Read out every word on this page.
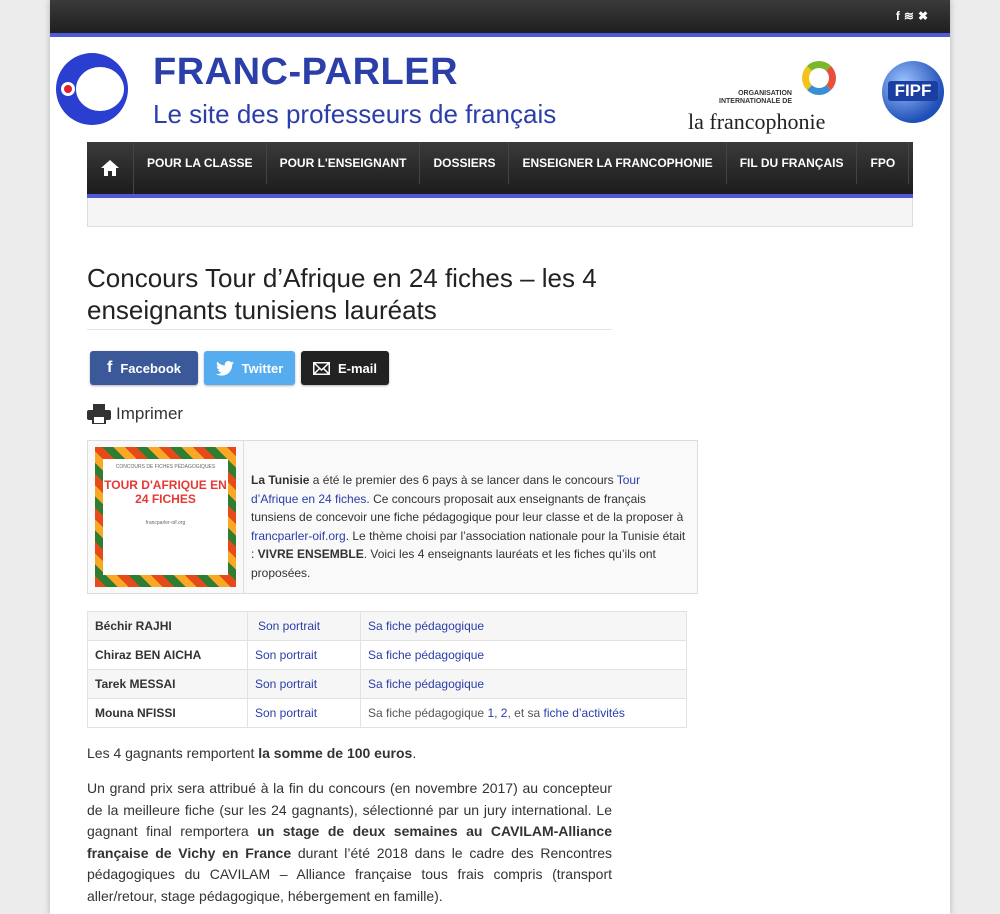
f≋✖
FRANC-PARLER
Le site des professeurs de français
ORGANISATION
INTERNATIONALE DE
la francophonie
FIPF
POUR LA CLASSE	POUR L'ENSEIGNANT	DOSSIERS	ENSEIGNER LA FRANCOPHONIE	FIL DU FRANÇAIS	FPO
Concours Tour d’Afrique en 24 fiches – les 4 enseignants tunisiens lauréats
f Facebook	Twitter	E-mail
Imprimer
CONCOURS DE FICHES PÉDAGOGIQUES
TOUR D'AFRIQUE EN 24 FICHES
francparler-oif.org
La Tunisie a été le premier des 6 pays à se lancer dans le concours Tour d’Afrique en 24 fiches. Ce concours proposait aux enseignants de français tunsiens de concevoir une fiche pédagogique pour leur classe et de la proposer à francparler-oif.org. Le thème choisi par l’association nationale pour la Tunisie était : VIVRE ENSEMBLE. Voici les 4 enseignants lauréats et les fiches qu’ils ont proposées.
Béchir RAJHI	Son portrait	Sa fiche pédagogique
Chiraz BEN AICHA	Son portrait	Sa fiche pédagogique
Tarek MESSAI	Son portrait	Sa fiche pédagogique
Mouna NFISSI	Son portrait	Sa fiche pédagogique 1, 2, et sa fiche d’activités

Les 4 gagnants remportent la somme de 100 euros.

Un grand prix sera attribué à la fin du concours (en novembre 2017) au concepteur de la meilleure fiche (sur les 24 gagnants), sélectionné par un jury international. Le gagnant final remportera un stage de deux semaines au CAVILAM-Alliance française de Vichy en France durant l’été 2018 dans le cadre des Rencontres pédagogiques du CAVILAM – Alliance française tous frais compris (transport aller/retour, stage pédagogique, hébergement en famille).
